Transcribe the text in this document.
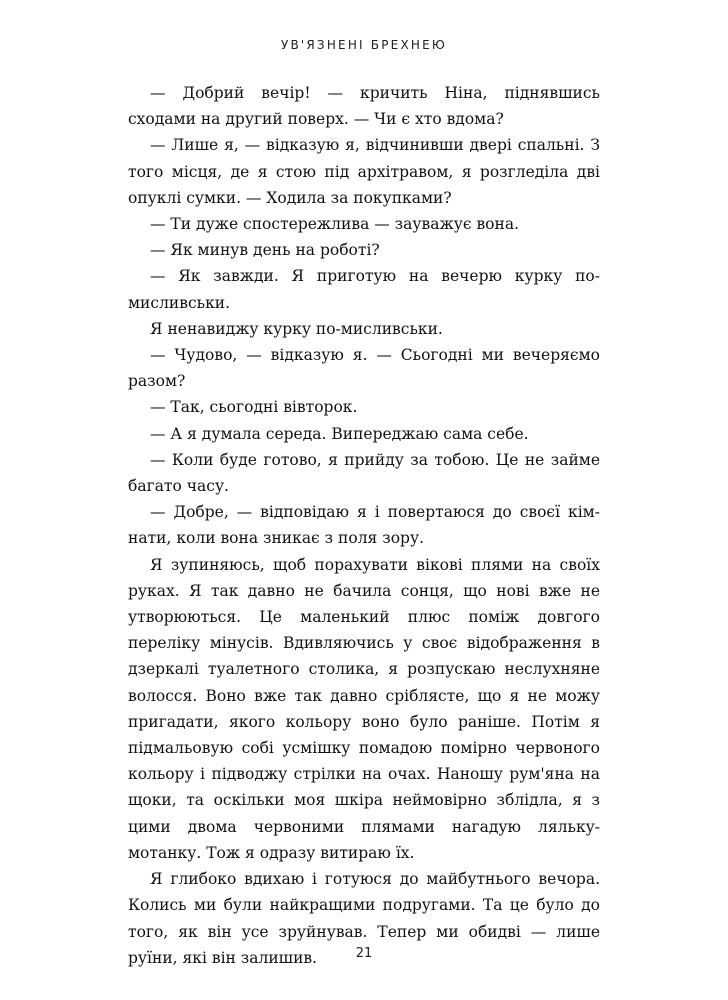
УВ'ЯЗНЕНІ БРЕХНЕЮ

— Добрий вечір! — кричить Ніна, піднявшись сходами на другий поверх. — Чи є хто вдома?

— Лише я, — відказую я, відчинивши двері спальні. З того місця, де я стою під архітравом, я розгледіла дві опуклі сумки. — Ходила за покупками?

— Ти дуже спостережлива — зауважує вона.

— Як минув день на роботі?

— Як завжди. Я приготую на вечерю курку по-мисливськи.

Я ненавиджу курку по-мисливськи.

— Чудово, — відказую я. — Сьогодні ми вечеряємо разом?

— Так, сьогодні вівторок.

— А я думала середа. Випереджаю сама себе.

— Коли буде готово, я прийду за тобою. Це не займе багато часу.

— Добре, — відповідаю я і повертаюся до своєї кімнати, коли вона зникає з поля зору.

Я зупиняюсь, щоб порахувати вікові плями на своїх руках. Я так давно не бачила сонця, що нові вже не утворюються. Це маленький плюс поміж довгого переліку мінусів. Вдивляючись у своє відображення в дзеркалі туалетного столика, я розпускаю неслухняне волосся. Воно вже так давно сріблясте, що я не можу пригадати, якого кольору воно було раніше. Потім я підмальовую собі усмішку помадою помірно червоного кольору і підводжу стрілки на очах. Наношу рум'яна на щоки, та оскільки моя шкіра неймовірно зблідла, я з цими двома червоними плямами нагадую ляльку-мотанку. Тож я одразу витираю їх.

Я глибоко вдихаю і готуюся до майбутнього вечора. Колись ми були найкращими подругами. Та це було до того, як він усе зруйнував. Тепер ми обидві — лише руїни, які він залишив.	21
